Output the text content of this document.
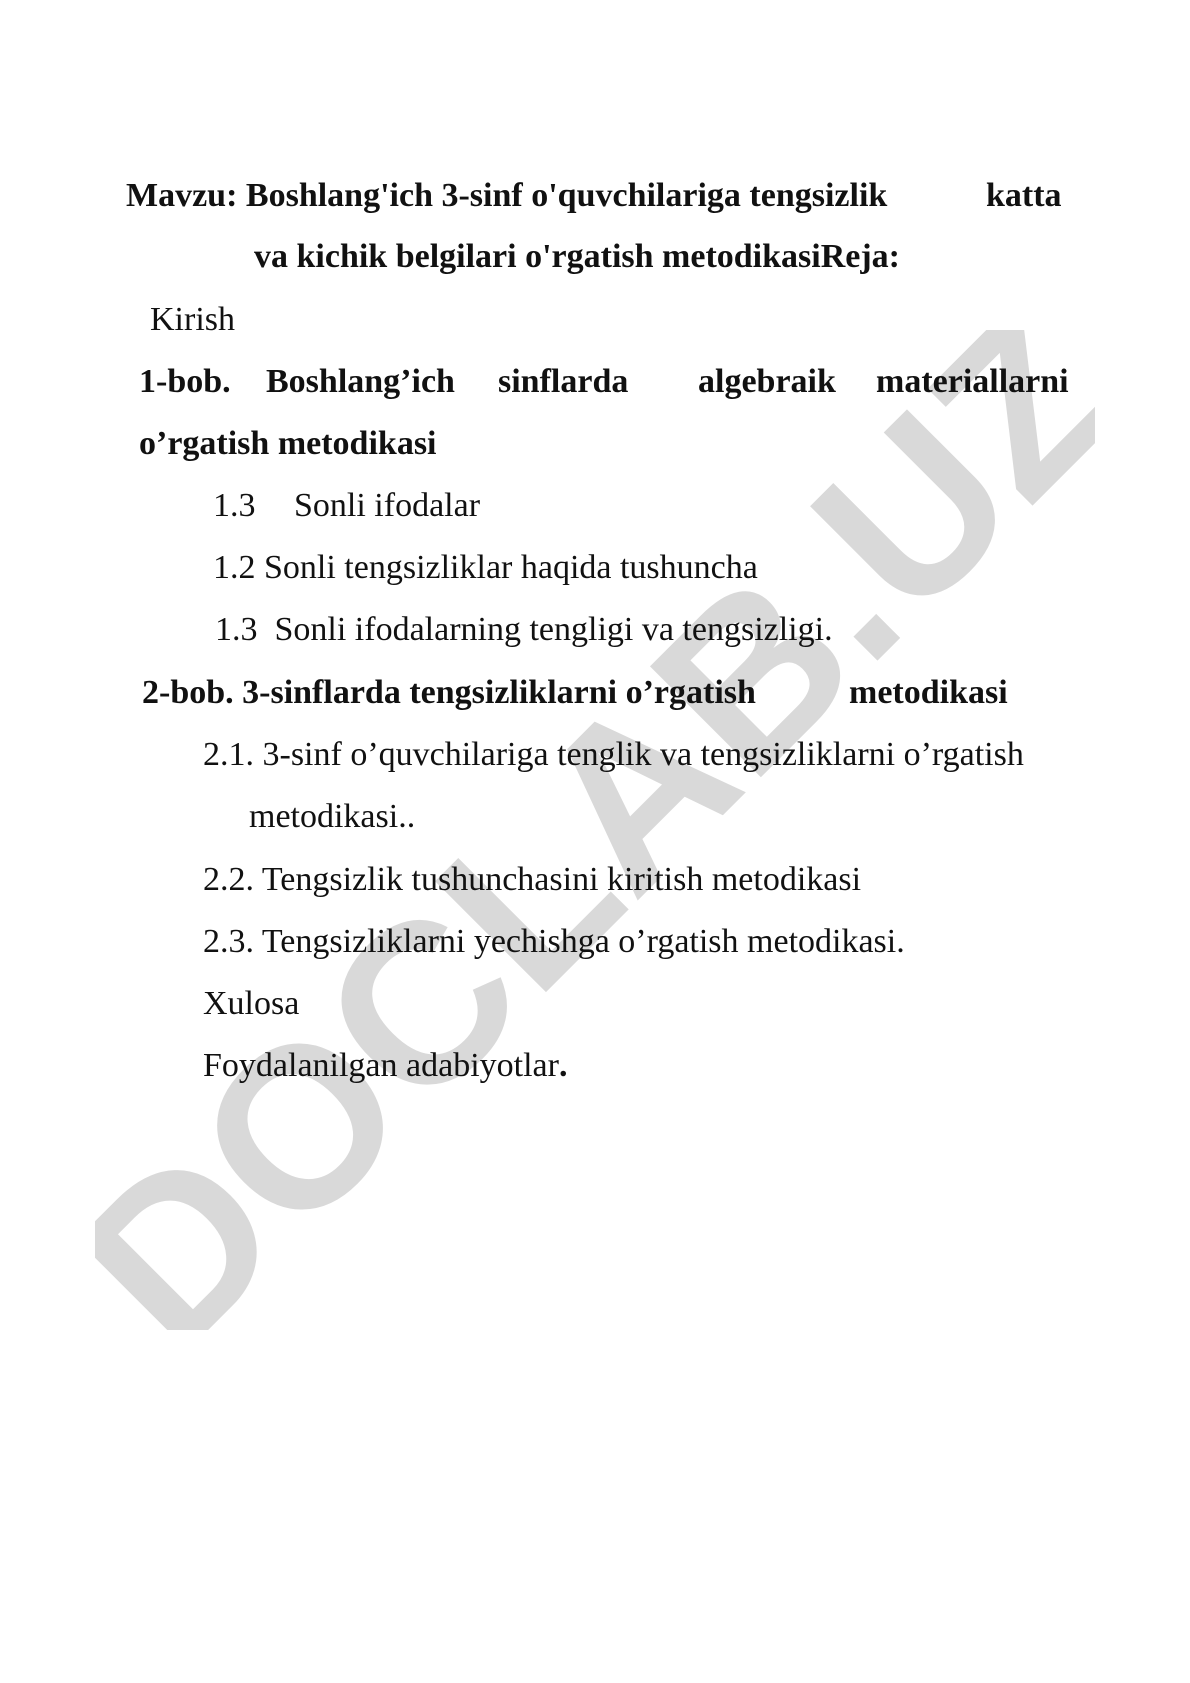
DOCLAB.UZ
Mavzu: Boshlang'ich 3-sinf o'quvchilariga tengsizlik	katta
va kichik belgilari o'rgatish metodikasiReja:
Kirish
1-bob. Boshlang’ich sinflarda algebraik materiallarni
o’rgatish metodikasi
1.3 Sonli ifodalar
1.2 Sonli tengsizliklar haqida tushuncha
1.3 Sonli ifodalarning tengligi va tengsizligi.
2-bob. 3-sinflarda tengsizliklarni o’rgatish	metodikasi
2.1. 3-sinf o’quvchilariga tenglik va tengsizliklarni o’rgatish
metodikasi..
2.2. Tengsizlik tushunchasini kiritish metodikasi
2.3. Tengsizliklarni yechishga o’rgatish metodikasi.
Xulosa
Foydalanilgan adabiyotlar.
